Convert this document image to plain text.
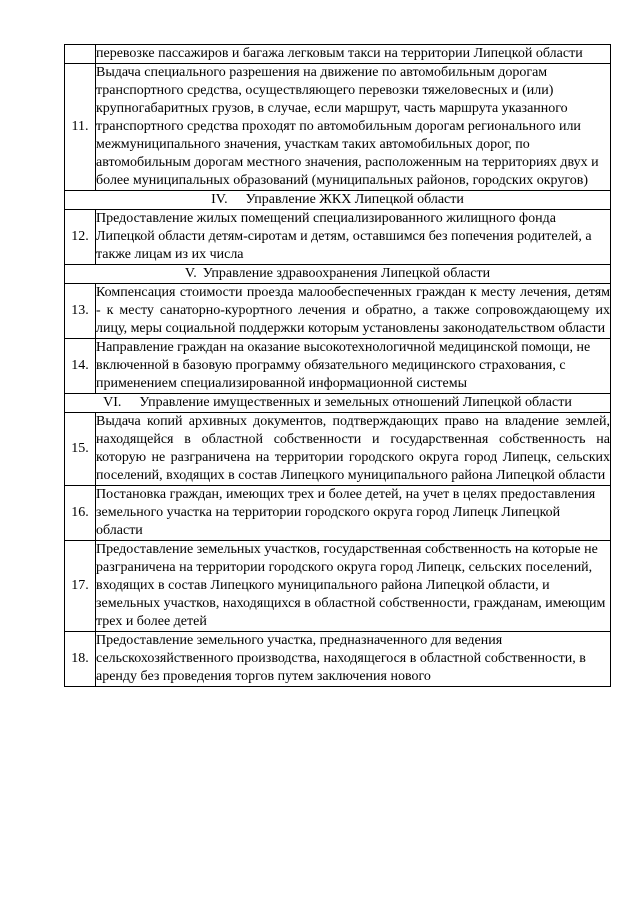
	перевозке пассажиров и багажа легковым такси на территории Липецкой области
11.	Выдача специального разрешения на движение по автомобильным дорогам транспортного средства, осуществляющего перевозки тяжеловесных и (или) крупногабаритных грузов, в случае, если маршрут, часть маршрута указанного транспортного средства проходят по автомобильным дорогам регионального или межмуниципального значения, участкам таких автомобильных дорог, по автомобильным дорогам местного значения, расположенным на территориях двух и более муниципальных образований (муниципальных районов, городских округов)
IV. Управление ЖКХ Липецкой области	
12.	Предоставление жилых помещений специализированного жилищного фонда Липецкой области детям-сиротам и детям, оставшимся без попечения родителей, а также лицам из их числа
V. Управление здравоохранения Липецкой области	
13.	Компенсация стоимости проезда малообеспеченных граждан к месту лечения, детям - к месту санаторно-курортного лечения и обратно, а также сопровождающему их лицу, меры социальной поддержки которым установлены законодательством области
14.	Направление граждан на оказание высокотехнологичной медицинской помощи, не включенной в базовую программу обязательного медицинского страхования, с применением специализированной информационной системы
VI. Управление имущественных и земельных отношений Липецкой области	
15.	Выдача копий архивных документов, подтверждающих право на владение землей, находящейся в областной собственности и государственная собственность на которую не разграничена на территории городского округа город Липецк, сельских поселений, входящих в состав Липецкого муниципального района Липецкой области
16.	Постановка граждан, имеющих трех и более детей, на учет в целях предоставления земельного участка на территории городского округа город Липецк Липецкой области
17.	Предоставление земельных участков, государственная собственность на которые не разграничена на территории городского округа город Липецк, сельских поселений, входящих в состав Липецкого муниципального района Липецкой области, и земельных участков, находящихся в областной собственности, гражданам, имеющим трех и более детей
18.	Предоставление земельного участка, предназначенного для ведения сельскохозяйственного производства, находящегося в областной собственности, в аренду без проведения торгов путем заключения нового
